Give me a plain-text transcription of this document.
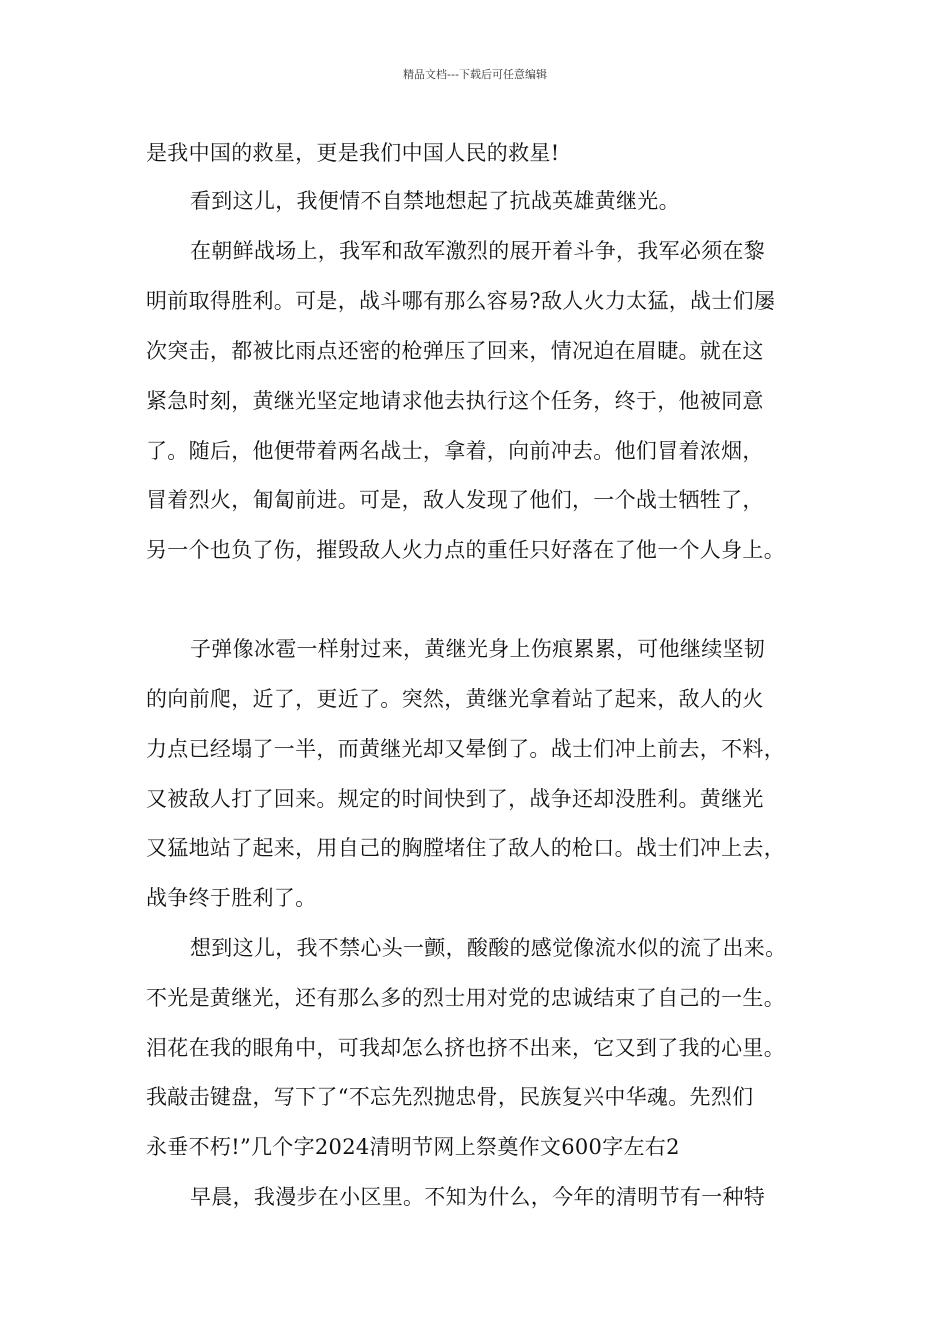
精品文档---下载后可任意编辑
是我中国的救星，更是我们中国人民的救星!
看到这儿，我便情不自禁地想起了抗战英雄黄继光。
在朝鲜战场上，我军和敌军激烈的展开着斗争，我军必须在黎
明前取得胜利。可是，战斗哪有那么容易?敌人火力太猛，战士们屡
次突击，都被比雨点还密的枪弹压了回来，情况迫在眉睫。就在这
紧急时刻，黄继光坚定地请求他去执行这个任务，终于，他被同意
了。随后，他便带着两名战士，拿着，向前冲去。他们冒着浓烟，
冒着烈火，匍匐前进。可是，敌人发现了他们，一个战士牺牲了，
另一个也负了伤，摧毁敌人火力点的重任只好落在了他一个人身上。
子弹像冰雹一样射过来，黄继光身上伤痕累累，可他继续坚韧
的向前爬，近了，更近了。突然，黄继光拿着站了起来，敌人的火
力点已经塌了一半，而黄继光却又晕倒了。战士们冲上前去，不料，
又被敌人打了回来。规定的时间快到了，战争还却没胜利。黄继光
又猛地站了起来，用自己的胸膛堵住了敌人的枪口。战士们冲上去，
战争终于胜利了。
想到这儿，我不禁心头一颤，酸酸的感觉像流水似的流了出来。
不光是黄继光，还有那么多的烈士用对党的忠诚结束了自己的一生。
泪花在我的眼角中，可我却怎么挤也挤不出来，它又到了我的心里。
我敲击键盘，写下了“不忘先烈抛忠骨，民族复兴中华魂。先烈们
永垂不朽!”几个字2024清明节网上祭奠作文600字左右2
早晨，我漫步在小区里。不知为什么，今年的清明节有一种特
